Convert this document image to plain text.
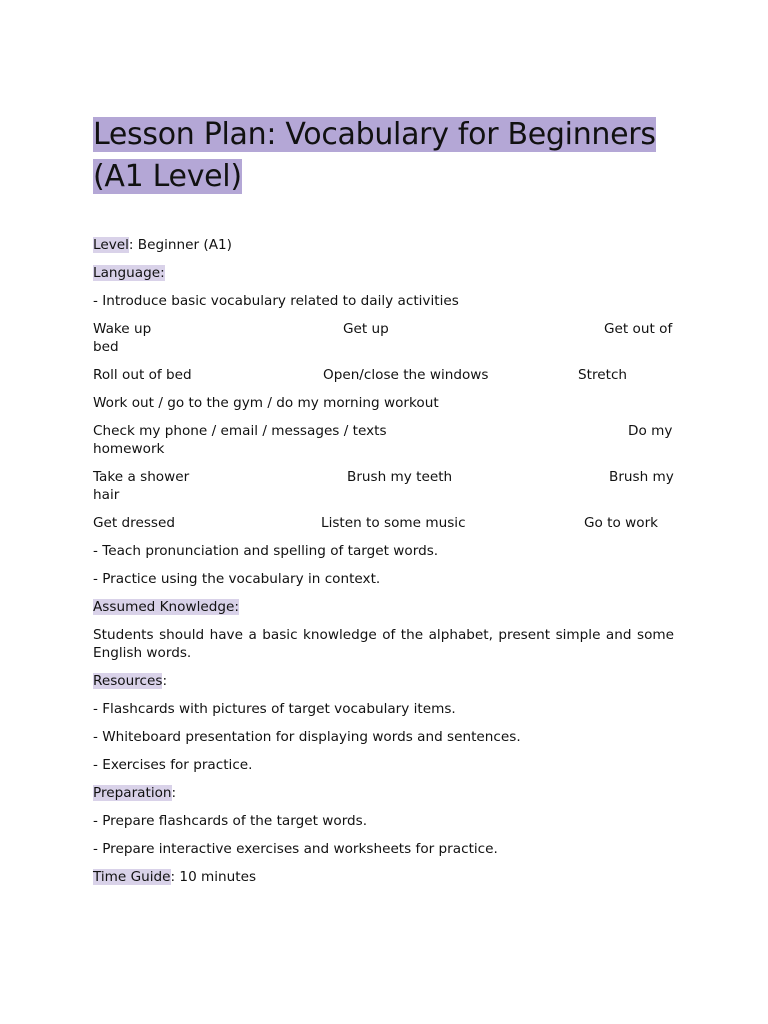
Lesson Plan: Vocabulary for Beginners
(A1 Level)
Level: Beginner (A1)
Language:
- Introduce basic vocabulary related to daily activities
Wake up	Get up	Get out of
bed
Roll out of bed	Open/close the windows	Stretch
Work out / go to the gym / do my morning workout
Check my phone / email / messages / texts	Do my
homework
Take a shower	Brush my teeth	Brush my
hair
Get dressed	Listen to some music	Go to work
- Teach pronunciation and spelling of target words.
- Practice using the vocabulary in context.
Assumed Knowledge:
Students should have a basic knowledge of the alphabet, present simple and some English words.
Resources:
- Flashcards with pictures of target vocabulary items.
- Whiteboard presentation for displaying words and sentences.
- Exercises for practice.
Preparation:
- Prepare flashcards of the target words.
- Prepare interactive exercises and worksheets for practice.
Time Guide: 10 minutes
